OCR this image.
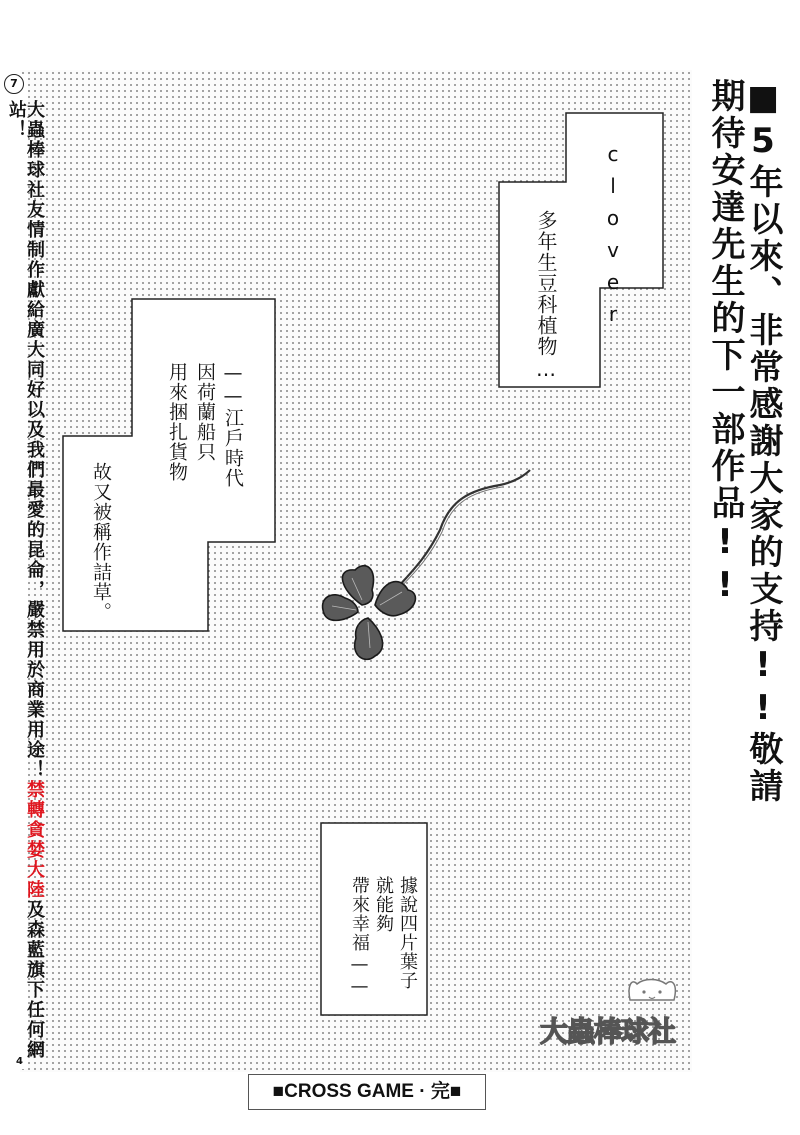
大蟲棒球社友情制作獻給廣大同好以及我們最愛的昆侖，嚴禁用於商業用途！禁轉貪婪大陸及森藍旗下任何網站！
4
7	■5年以來、非常感謝大家的支持!!敬請期待安達先生的下一部作品!!

clover
多年生豆科植物…
——江戶時代
因荷蘭船只
用來捆扎貨物
故又被稱作詰草。
據說四片葉子
就能夠
帶來幸福
——
大蟲棒球社
■CROSS GAME · 完■
